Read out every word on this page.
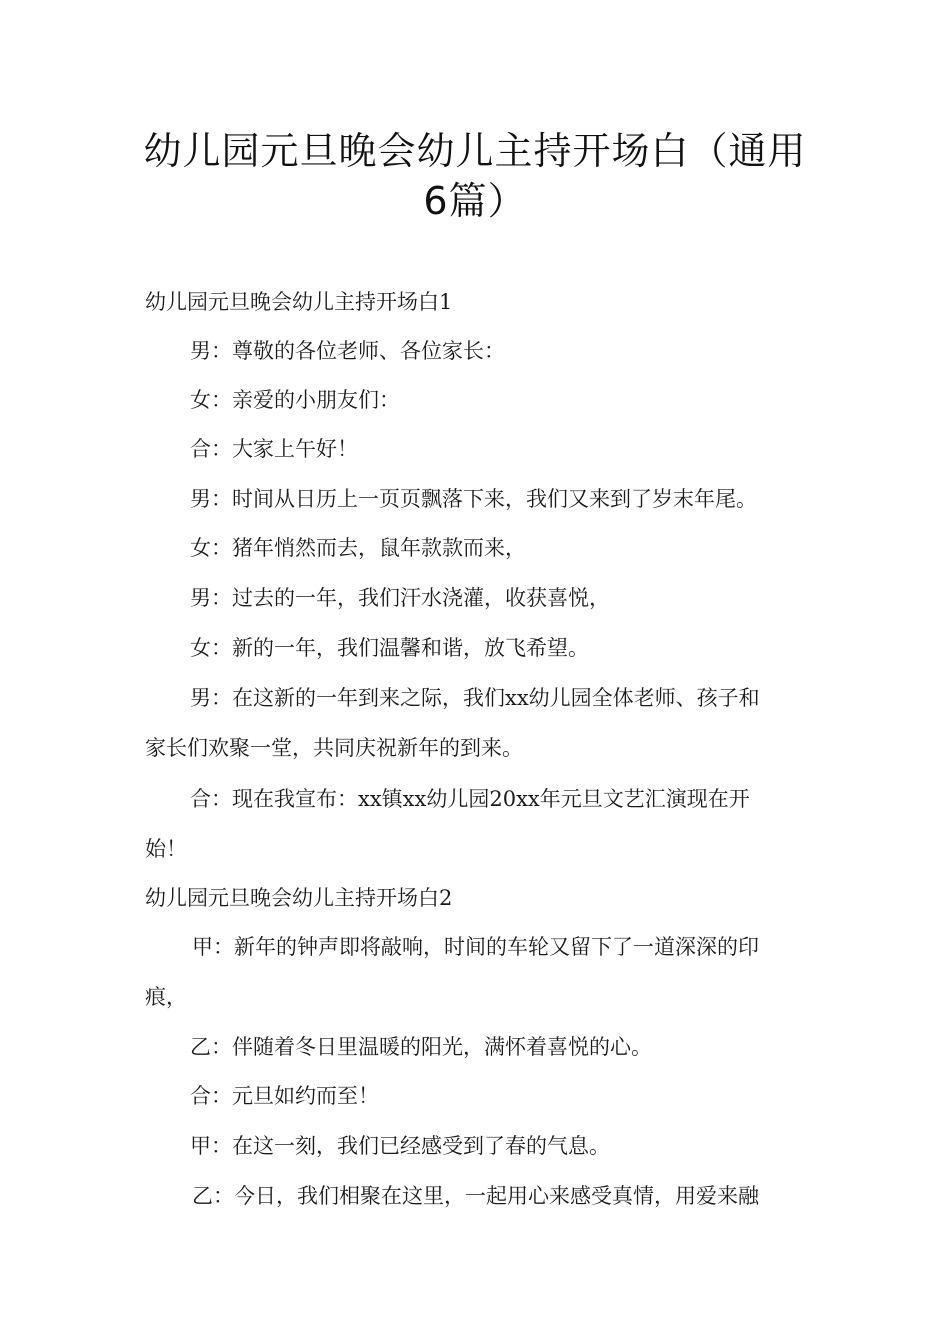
幼儿园元旦晚会幼儿主持开场白（通用
6篇）
幼儿园元旦晚会幼儿主持开场白1
男：尊敬的各位老师、各位家长：
女：亲爱的小朋友们：
合：大家上午好！
男：时间从日历上一页页飘落下来，我们又来到了岁末年尾。
女：猪年悄然而去，鼠年款款而来，
男：过去的一年，我们汗水浇灌，收获喜悦，
女：新的一年，我们温馨和谐，放飞希望。
男：在这新的一年到来之际，我们xx幼儿园全体老师、孩子和
家长们欢聚一堂，共同庆祝新年的到来。
合：现在我宣布：xx镇xx幼儿园20xx年元旦文艺汇演现在开
始！
幼儿园元旦晚会幼儿主持开场白2
甲：新年的钟声即将敲响，时间的车轮又留下了一道深深的印
痕，
乙：伴随着冬日里温暖的阳光，满怀着喜悦的心。
合：元旦如约而至！
甲：在这一刻，我们已经感受到了春的气息。
乙：今日，我们相聚在这里，一起用心来感受真情，用爱来融
